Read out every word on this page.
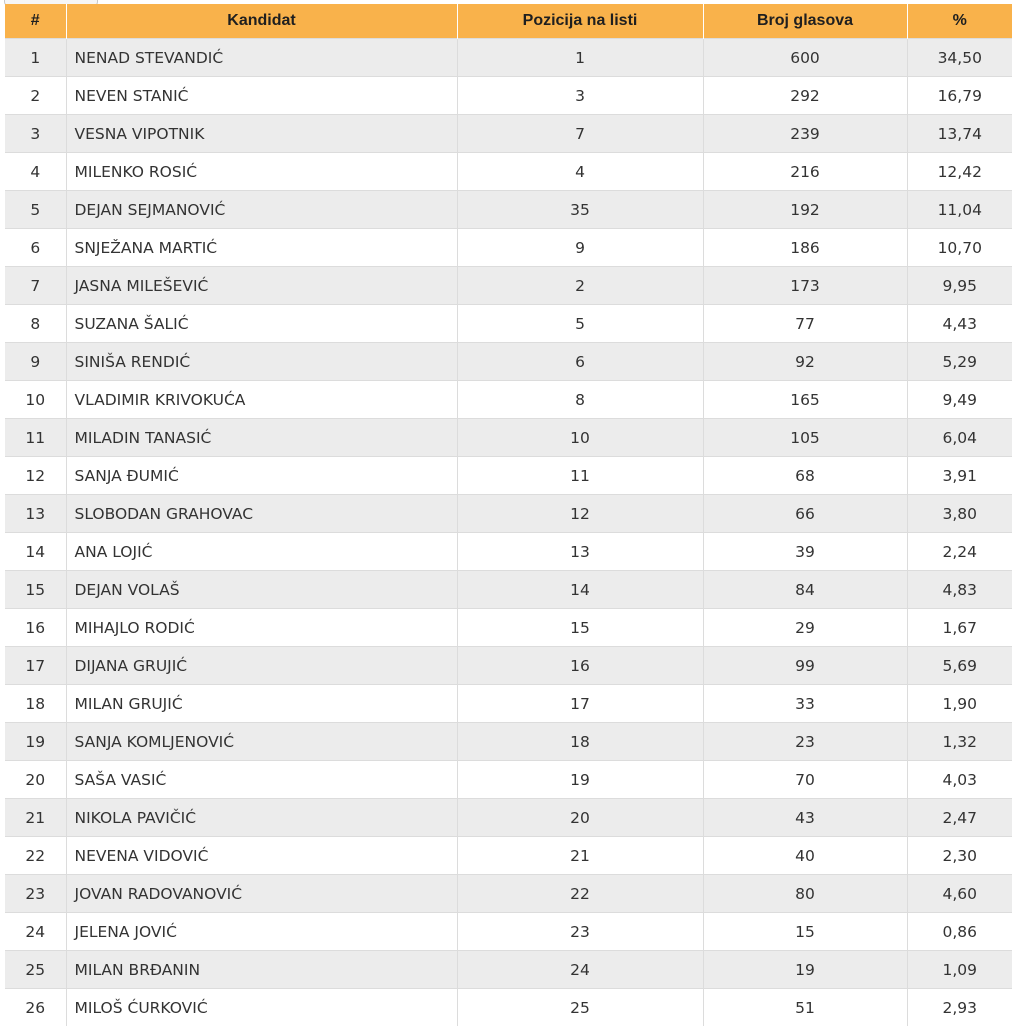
#	Kandidat	Pozicija na listi	Broj glasova	%
1	NENAD STEVANDIĆ	1	600	34,50
2	NEVEN STANIĆ	3	292	16,79
3	VESNA VIPOTNIK	7	239	13,74
4	MILENKO ROSIĆ	4	216	12,42
5	DEJAN SEJMANOVIĆ	35	192	11,04
6	SNJEŽANA MARTIĆ	9	186	10,70
7	JASNA MILEŠEVIĆ	2	173	9,95
8	SUZANA ŠALIĆ	5	77	4,43
9	SINIŠA RENDIĆ	6	92	5,29
10	VLADIMIR KRIVOKUĆA	8	165	9,49
11	MILADIN TANASIĆ	10	105	6,04
12	SANJA ĐUMIĆ	11	68	3,91
13	SLOBODAN GRAHOVAC	12	66	3,80
14	ANA LOJIĆ	13	39	2,24
15	DEJAN VOLAŠ	14	84	4,83
16	MIHAJLO RODIĆ	15	29	1,67
17	DIJANA GRUJIĆ	16	99	5,69
18	MILAN GRUJIĆ	17	33	1,90
19	SANJA KOMLJENOVIĆ	18	23	1,32
20	SAŠA VASIĆ	19	70	4,03
21	NIKOLA PAVIČIĆ	20	43	2,47
22	NEVENA VIDOVIĆ	21	40	2,30
23	JOVAN RADOVANOVIĆ	22	80	4,60
24	JELENA JOVIĆ	23	15	0,86
25	MILAN BRĐANIN	24	19	1,09
26	MILOŠ ĆURKOVIĆ	25	51	2,93
